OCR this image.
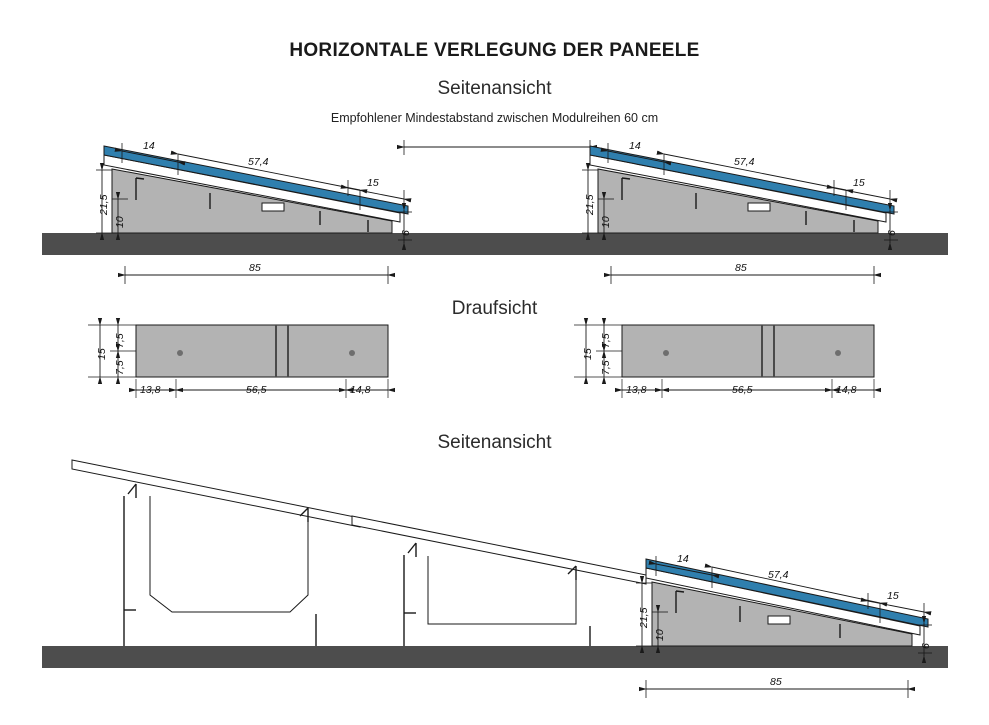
HORIZONTALE VERLEGUNG DER PANEELE
Seitenansicht
Empfohlener Mindestabstand zwischen Modulreihen 60 cm
Draufsicht
Seitenansicht
14
57,4
15
21,5
10
6
85
14
57,4
15
21,5
10
6
85
15
7,5
7,5
13,8	56,5	14,8
15
7,5
7,5
13,8	56,5	14,8
14
57,4
15
21,5
10
6
85
